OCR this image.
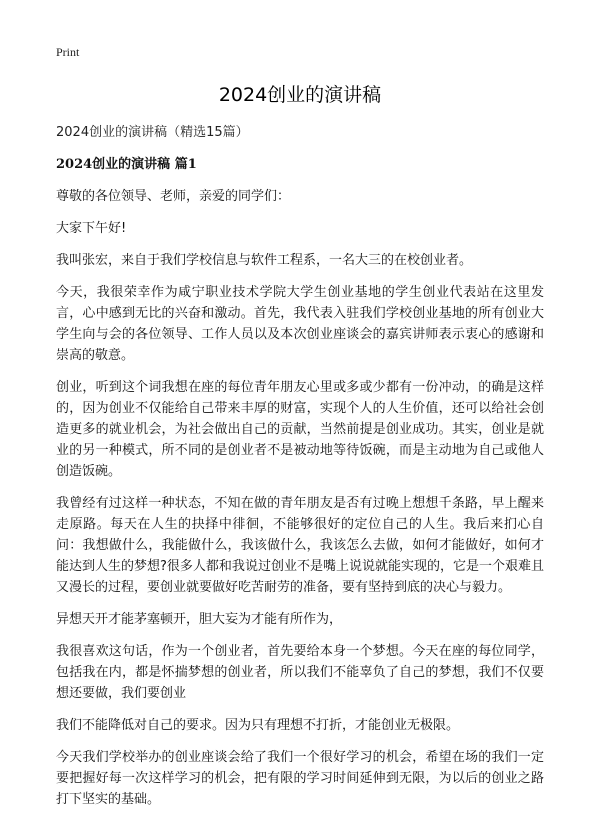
Print
2024创业的演讲稿

2024创业的演讲稿（精选15篇）

2024创业的演讲稿 篇1

尊敬的各位领导、老师，亲爱的同学们：

大家下午好!

我叫张宏，来自于我们学校信息与软件工程系，一名大三的在校创业者。

今天，我很荣幸作为咸宁职业技术学院大学生创业基地的学生创业代表站在这里发言，心中感到无比的兴奋和激动。首先，我代表入驻我们学校创业基地的所有创业大学生向与会的各位领导、工作人员以及本次创业座谈会的嘉宾讲师表示衷心的感谢和崇高的敬意。

创业，听到这个词我想在座的每位青年朋友心里或多或少都有一份冲动，的确是这样的，因为创业不仅能给自己带来丰厚的财富，实现个人的人生价值，还可以给社会创造更多的就业机会，为社会做出自己的贡献，当然前提是创业成功。其实，创业是就业的另一种模式，所不同的是创业者不是被动地等待饭碗，而是主动地为自己或他人创造饭碗。

我曾经有过这样一种状态，不知在做的青年朋友是否有过晚上想想千条路，早上醒来走原路。每天在人生的抉择中徘徊，不能够很好的定位自己的人生。我后来扪心自问：我想做什么，我能做什么，我该做什么，我该怎么去做，如何才能做好，如何才能达到人生的梦想?很多人都和我说过创业不是嘴上说说就能实现的，它是一个艰难且又漫长的过程，要创业就要做好吃苦耐劳的准备，要有坚持到底的决心与毅力。

异想天开才能茅塞顿开，胆大妄为才能有所作为，

我很喜欢这句话，作为一个创业者，首先要给本身一个梦想。今天在座的每位同学，包括我在内，都是怀揣梦想的创业者，所以我们不能辜负了自己的梦想，我们不仅要想还要做，我们要创业

我们不能降低对自己的要求。因为只有理想不打折，才能创业无极限。

今天我们学校举办的创业座谈会给了我们一个很好学习的机会，希望在场的我们一定要把握好每一次这样学习的机会，把有限的学习时间延伸到无限，为以后的创业之路打下坚实的基础。
